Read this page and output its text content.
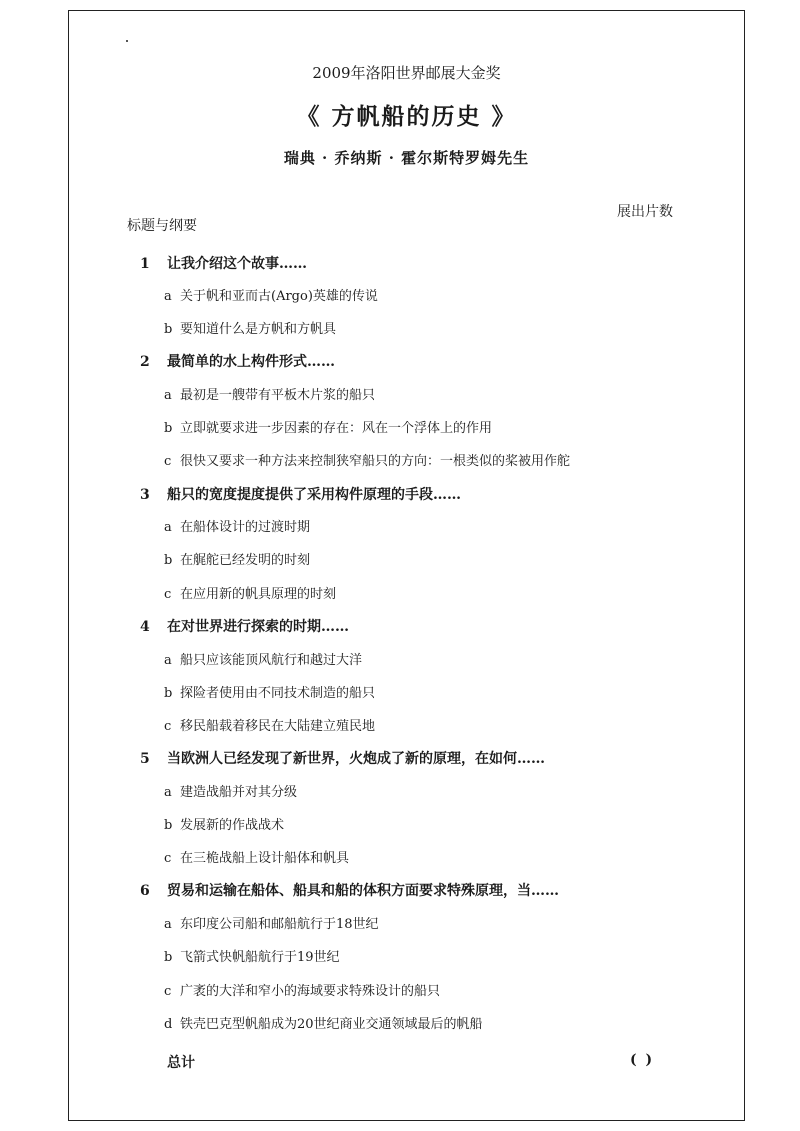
2009年洛阳世界邮展大金奖
《 方帆船的历史 》
瑞典 · 乔纳斯 · 霍尔斯特罗姆先生
展出片数
标题与纲要
1 让我介绍这个故事……
a 关于帆和亚而古(Argo)英雄的传说
b 要知道什么是方帆和方帆具
2 最简单的水上构件形式……
a 最初是一艘带有平板木片浆的船只
b 立即就要求进一步因素的存在：风在一个浮体上的作用
c 很快又要求一种方法来控制狭窄船只的方向：一根类似的桨被用作舵
3 船只的宽度提度提供了采用构件原理的手段……
a 在船体设计的过渡时期
b 在艉舵已经发明的时刻
c 在应用新的帆具原理的时刻
4 在对世界进行探索的时期……
a 船只应该能顶风航行和越过大洋
b 探险者使用由不同技术制造的船只
c 移民船载着移民在大陆建立殖民地
5 当欧洲人已经发现了新世界，火炮成了新的原理，在如何……
a 建造战船并对其分级
b 发展新的作战战术
c 在三桅战船上设计船体和帆具
6 贸易和运输在船体、船具和船的体积方面要求特殊原理，当……
a 东印度公司船和邮船航行于18世纪
b 飞箭式快帆船航行于19世纪
c 广袤的大洋和窄小的海域要求特殊设计的船只
d 铁壳巴克型帆船成为20世纪商业交通领域最后的帆船
总计	( )
